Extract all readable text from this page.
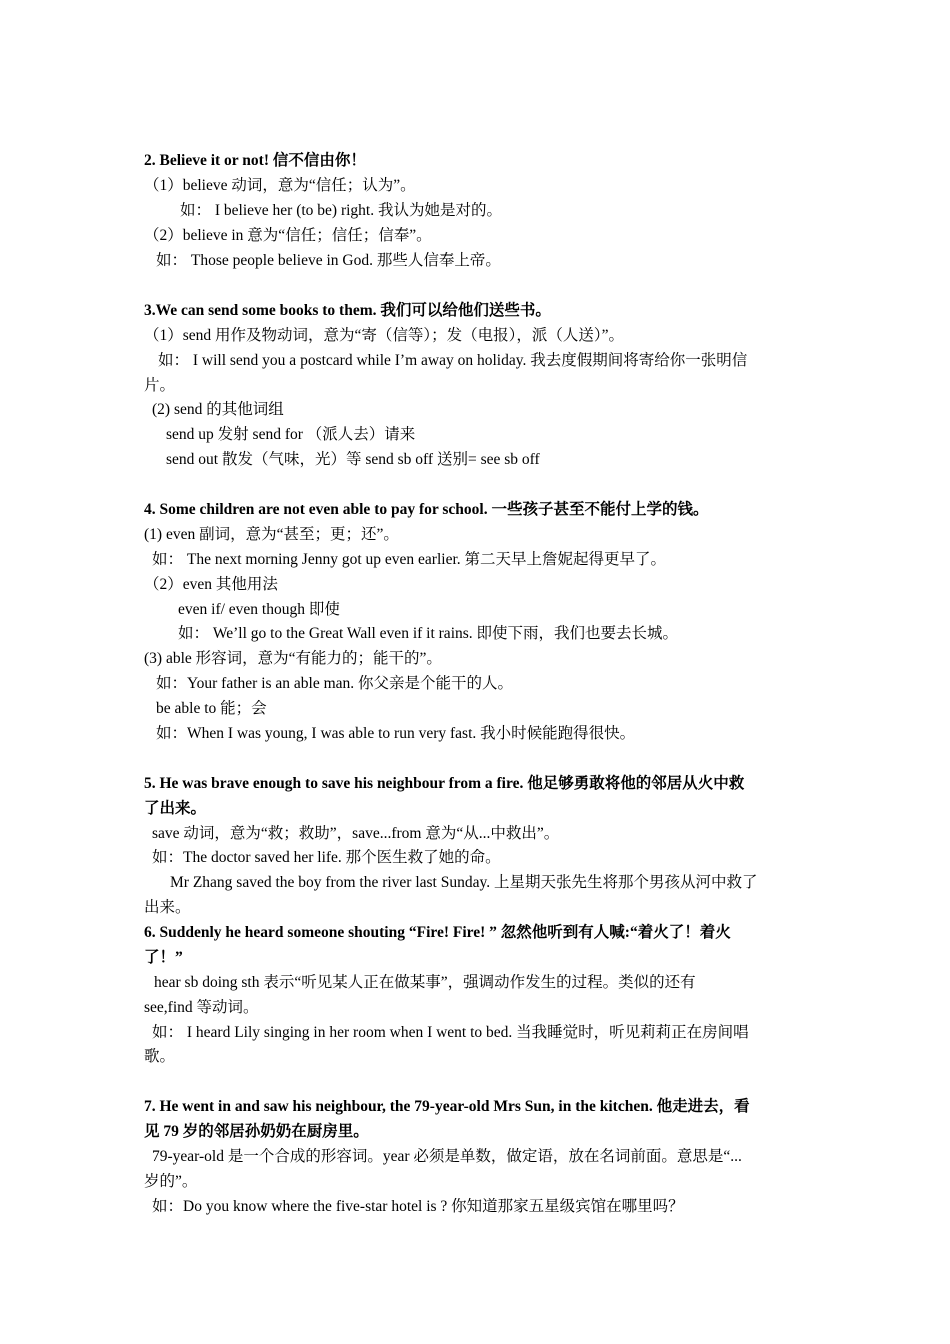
2. Believe it or not! 信不信由你！
（1）believe 动词，意为“信任；认为”。
如： I believe her (to be) right. 我认为她是对的。
（2）believe in 意为“信任；信任；信奉”。
如： Those people believe in God. 那些人信奉上帝。
3.We can send some books to them. 我们可以给他们送些书。
（1）send 用作及物动词，意为“寄（信等）；发（电报），派（人送）”。
如： I will send you a postcard while I’m away on holiday. 我去度假期间将寄给你一张明信
片。
(2) send 的其他词组
send up 发射 send for （派人去）请来
send out 散发（气味，光）等 send sb off 送别= see sb off
4. Some children are not even able to pay for school. 一些孩子甚至不能付上学的钱。
(1) even 副词，意为“甚至；更；还”。
如： The next morning Jenny got up even earlier. 第二天早上詹妮起得更早了。
（2）even 其他用法
even if/ even though 即使
如： We’ll go to the Great Wall even if it rains. 即使下雨，我们也要去长城。
(3) able 形容词，意为“有能力的；能干的”。
如：Your father is an able man. 你父亲是个能干的人。
be able to 能；会
如：When I was young, I was able to run very fast. 我小时候能跑得很快。
5. He was brave enough to save his neighbour from a fire. 他足够勇敢将他的邻居从火中救
了出来。
save 动词，意为“救；救助”，save...from 意为“从...中救出”。
如：The doctor saved her life. 那个医生救了她的命。
Mr Zhang saved the boy from the river last Sunday. 上星期天张先生将那个男孩从河中救了
出来。
6. Suddenly he heard someone shouting “Fire! Fire! ” 忽然他听到有人喊:“着火了！着火
了！”
hear sb doing sth 表示“听见某人正在做某事”，强调动作发生的过程。类似的还有
see,find 等动词。
如： I heard Lily singing in her room when I went to bed. 当我睡觉时，听见莉莉正在房间唱
歌。
7. He went in and saw his neighbour, the 79-year-old Mrs Sun, in the kitchen. 他走进去，看
见 79 岁的邻居孙奶奶在厨房里。
79-year-old 是一个合成的形容词。year 必须是单数，做定语，放在名词前面。意思是“...
岁的”。
如：Do you know where the five-star hotel is ? 你知道那家五星级宾馆在哪里吗？
